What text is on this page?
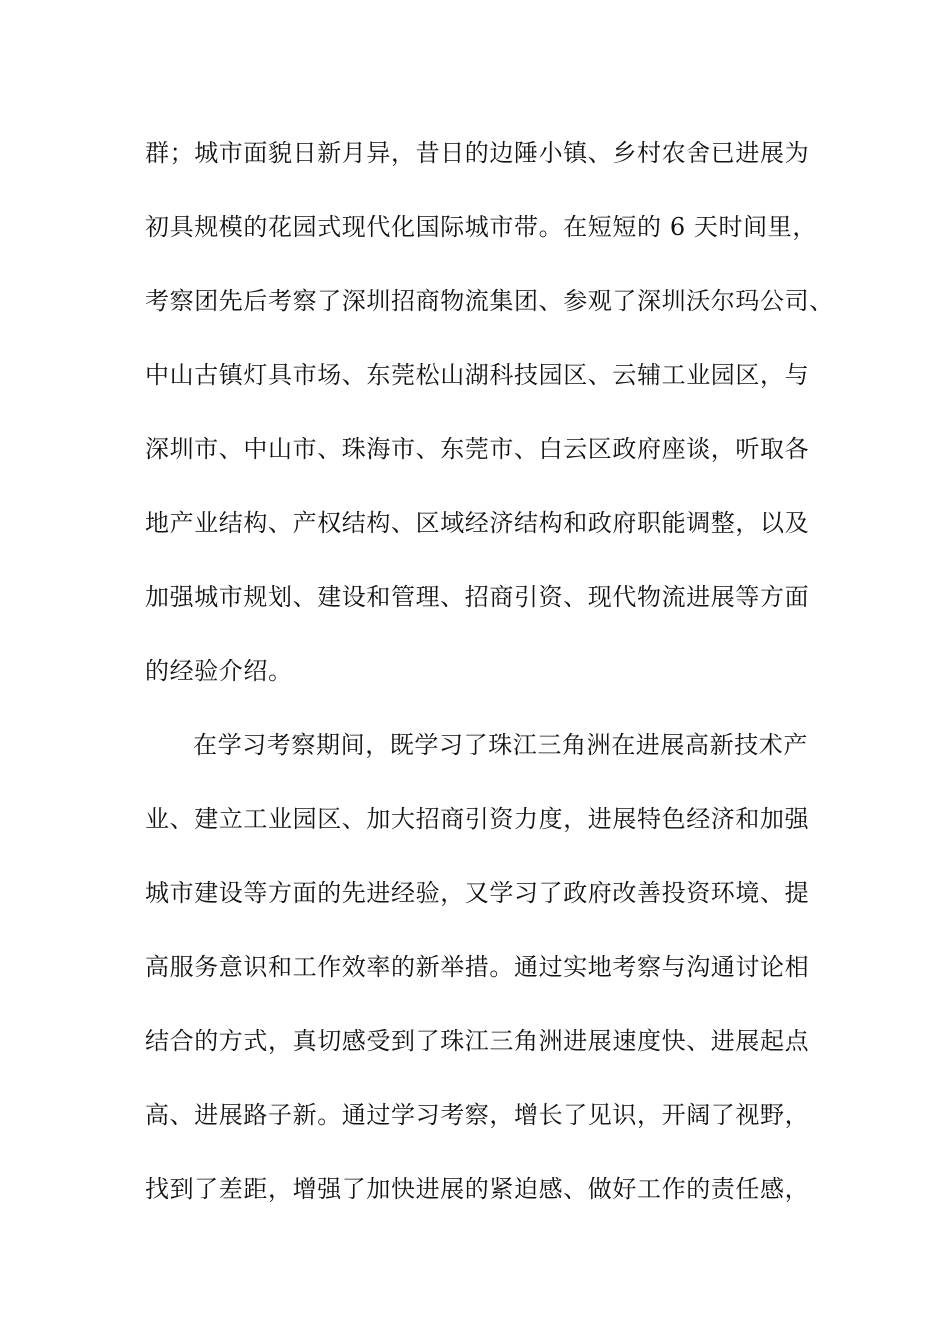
群；城市面貌日新月异，昔日的边陲小镇、乡村农舍已进展为
初具规模的花园式现代化国际城市带。在短短的 6 天时间里，
考察团先后考察了深圳招商物流集团、参观了深圳沃尔玛公司、
中山古镇灯具市场、东莞松山湖科技园区、云辅工业园区，与
深圳市、中山市、珠海市、东莞市、白云区政府座谈，听取各
地产业结构、产权结构、区域经济结构和政府职能调整，以及
加强城市规划、建设和管理、招商引资、现代物流进展等方面
的经验介绍。
在学习考察期间，既学习了珠江三角洲在进展高新技术产
业、建立工业园区、加大招商引资力度，进展特色经济和加强
城市建设等方面的先进经验，又学习了政府改善投资环境、提
高服务意识和工作效率的新举措。通过实地考察与沟通讨论相
结合的方式，真切感受到了珠江三角洲进展速度快、进展起点
高、进展路子新。通过学习考察，增长了见识，开阔了视野，
找到了差距，增强了加快进展的紧迫感、做好工作的责任感，
